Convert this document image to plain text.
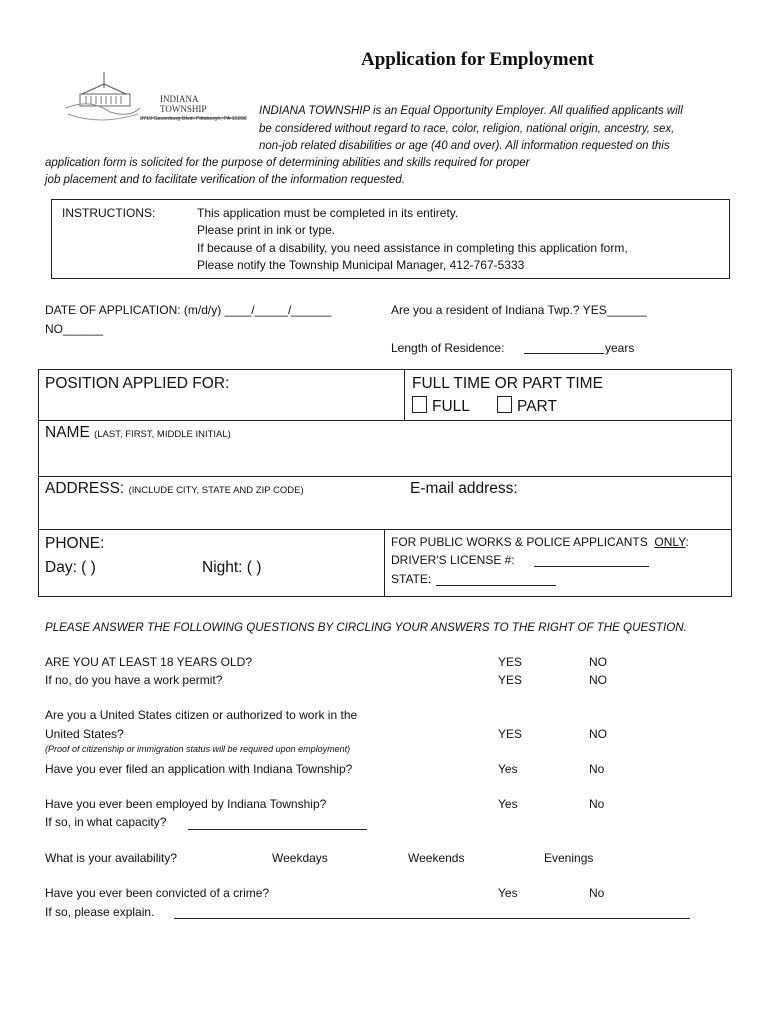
Application for Employment
INDIANA
TOWNSHIP
3710 Saxonburg Blvd. Pittsburgh, PA 15238
INDIANA TOWNSHIP is an Equal Opportunity Employer. All qualified applicants will
be considered without regard to race, color, religion, national origin, ancestry, sex,
non-job related disabilities or age (40 and over). All information requested on this
application form is solicited for the purpose of determining abilities and skills required for proper
job placement and to facilitate verification of the information requested.
INSTRUCTIONS:	This application must be completed in its entirety.
Please print in ink or type.
If because of a disability, you need assistance in completing this application form,
Please notify the Township Municipal Manager, 412-767-5333
DATE OF APPLICATION: (m/d/y) ____/_____/______	Are you a resident of Indiana Twp.? YES______
NO______
Length of Residence:	years
POSITION APPLIED FOR:	FULL TIME OR PART TIME
FULL	PART
NAME (LAST, FIRST, MIDDLE INITIAL)
ADDRESS: (INCLUDE CITY, STATE AND ZIP CODE)	E-mail address:
PHONE:
Day: ( )	Night: ( )
FOR PUBLIC WORKS & POLICE APPLICANTS ONLY:
DRIVER'S LICENSE #:
STATE:
PLEASE ANSWER THE FOLLOWING QUESTIONS BY CIRCLING YOUR ANSWERS TO THE RIGHT OF THE QUESTION.
ARE YOU AT LEAST 18 YEARS OLD?	YES	NO
If no, do you have a work permit?	YES	NO
Are you a United States citizen or authorized to work in the
United States?	YES	NO
(Proof of citizenship or immigration status will be required upon employment)
Have you ever filed an application with Indiana Township?	Yes	No
Have you ever been employed by Indiana Township?	Yes	No
If so, in what capacity?
What is your availability?	Weekdays	Weekends	Evenings
Have you ever been convicted of a crime?	Yes	No
If so, please explain.
